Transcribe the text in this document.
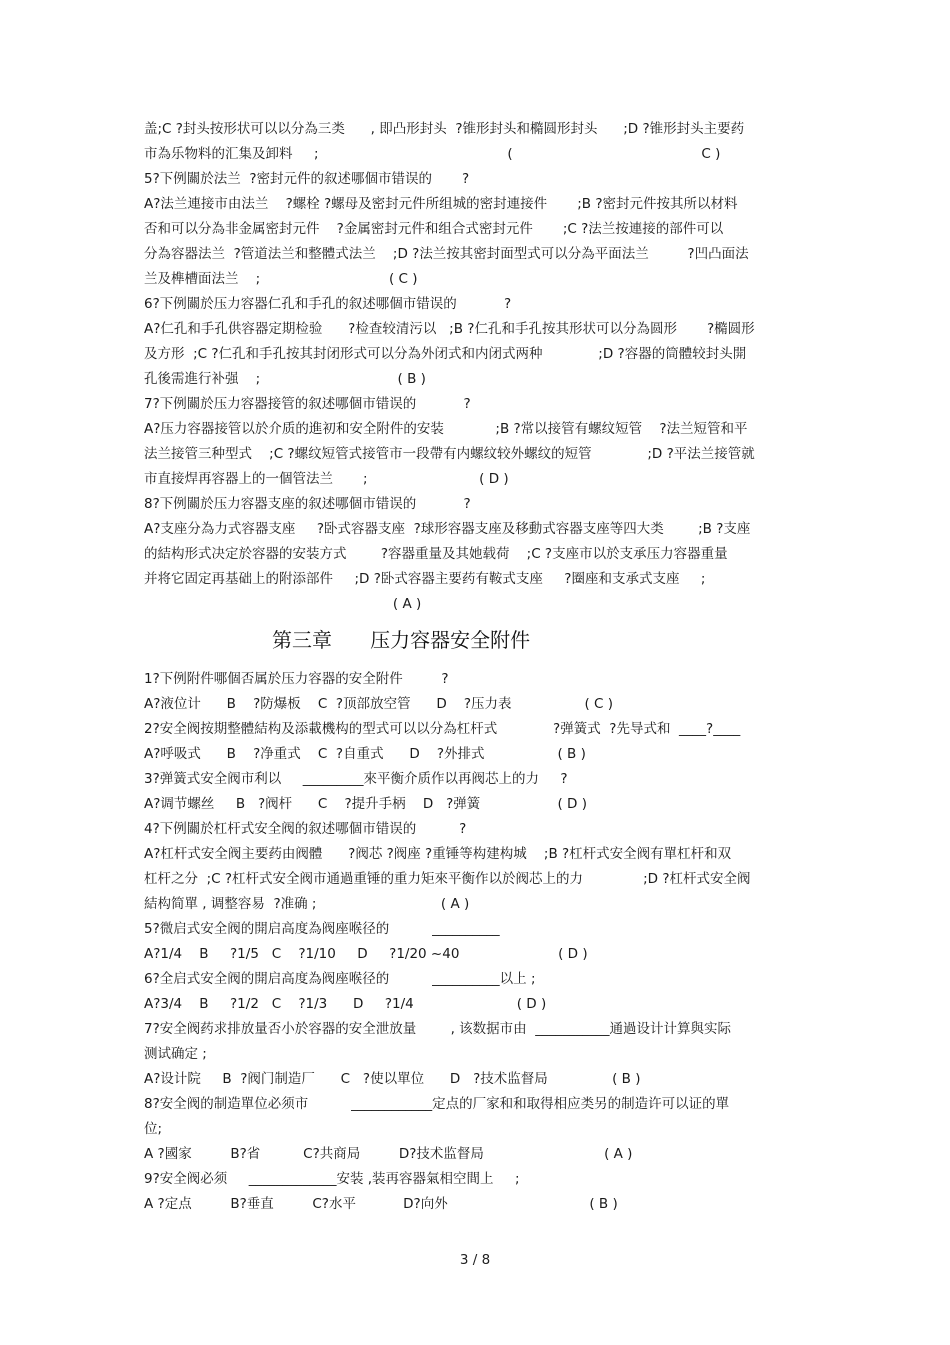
盖;C ?封头按形状可以以分為三类      , 即凸形封头  ?锥形封头和橢圆形封头      ;D ?锥形封头主要药
市為乐物料的汇集及卸料     ;                                            (                                            C )
5?下例關於法兰  ?密封元件的叙述哪個市错误的       ?
A?法兰連接市由法兰    ?螺栓 ?螺母及密封元件所组城的密封連接件       ;B ?密封元件按其所以材料
否和可以分為非金属密封元件    ?金属密封元件和组合式密封元件       ;C ?法兰按連接的部件可以
分為容器法兰  ?管道法兰和整體式法兰    ;D ?法兰按其密封面型式可以分為平面法兰         ?凹凸面法
兰及榫槽面法兰    ;                              ( C )
6?下例關於压力容器仁孔和手孔的叙述哪個市错误的           ?
A?仁孔和手孔供容器定期检验      ?检查较清污以   ;B ?仁孔和手孔按其形状可以分為圆形       ?橢圆形
及方形  ;C ?仁孔和手孔按其封闭形式可以分為外闭式和内闭式两种             ;D ?容器的筒體较封头開
孔後需進行补强    ;                                ( B )
7?下例關於压力容器接管的叙述哪個市错误的           ?
A?压力容器接管以於介质的進初和安全附件的安装            ;B ?常以接管有螺纹短管    ?法兰短管和平
法兰接管三种型式    ;C ?螺纹短管式接管市一段帶有内螺纹较外螺纹的短管             ;D ?平法兰接管就
市直接焊再容器上的一個管法兰       ;                          ( D )
8?下例關於压力容器支座的叙述哪個市错误的           ?
A?支座分為力式容器支座     ?卧式容器支座  ?球形容器支座及移動式容器支座等四大类        ;B ?支座
的結构形式决定於容器的安装方式        ?容器重量及其她载荷    ;C ?支座市以於支承压力容器重量
并将它固定再基础上的附添部件     ;D ?卧式容器主要药有鞍式支座     ?圈座和支承式支座     ;
( A )
第三章      压力容器安全附件
1?下例附件哪個否属於压力容器的安全附件         ?
A?液位计      B    ?防爆板    C  ?顶部放空管      D    ?压力表                 ( C )
2?安全阀按期整體結构及添載機构的型式可以以分為杠杆式             ?弹簧式  ?先导式和  ____?____
A?呼吸式      B    ?净重式    C  ?自重式      D    ?外排式                 ( B )
3?弹簧式安全阀市利以     _________來平衡介质作以再阀芯上的力     ?
A?调节螺丝     B   ?阀杆      C    ?提升手柄    D   ?弹簧                  ( D )
4?下例關於杠杆式安全阀的叙述哪個市错误的          ?
A?杠杆式安全阀主要药由阀體      ?阀芯 ?阀座 ?重锤等构建构城    ;B ?杠杆式安全阀有單杠杆和双
杠杆之分  ;C ?杠杆式安全阀市通過重锤的重力矩來平衡作以於阀芯上的力              ;D ?杠杆式安全阀
結构简單 , 调整容易  ?准确 ;                             ( A )
5?微启式安全阀的開启高度為阀座喉径的          __________
A?1/4    B     ?1/5   C    ?1/10     D     ?1/20 ~40                       ( D )
6?全启式安全阀的開启高度為阀座喉径的          __________以上 ;
A?3/4    B     ?1/2   C    ?1/3      D     ?1/4                        ( D )
7?安全阀药求排放量否小於容器的安全泄放量        , 该数据市由  ___________通過设计计算與实际
测试确定 ;
A?设计院     B  ?阀门制造厂      C   ?使以單位      D   ?技术监督局               ( B )
8?安全阀的制造單位必须市          ____________定点的厂家和和取得相应类另的制造许可以证的單
位;
A ?國家         B?省          C?共商局         D?技术监督局                            ( A )
9?安全阀必须     _____________安装 ,装再容器氣相空間上     ;
A ?定点         B?垂直         C?水平           D?向外                                 ( B )
3 / 8
